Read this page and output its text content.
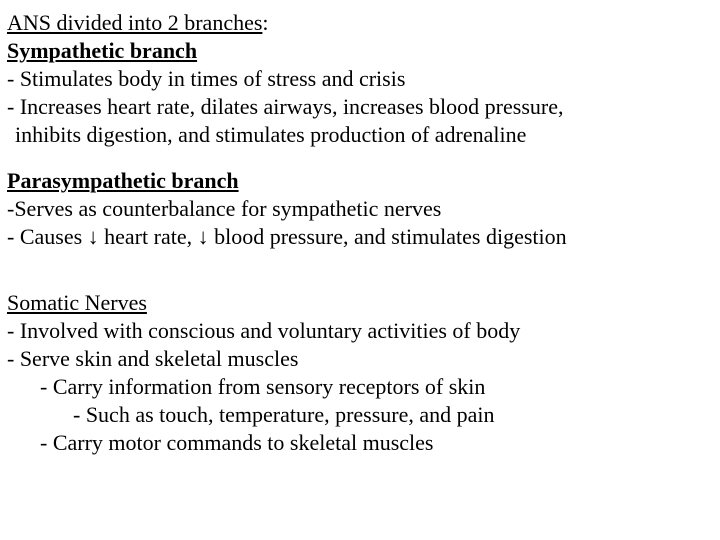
ANS divided into 2 branches:
Sympathetic branch
- Stimulates body in times of stress and crisis
- Increases heart rate, dilates airways, increases blood pressure,
inhibits digestion, and stimulates production of adrenaline
Parasympathetic branch
-Serves as counterbalance for sympathetic nerves
- Causes ↓ heart rate, ↓ blood pressure, and stimulates digestion
Somatic Nerves
- Involved with conscious and voluntary activities of body
- Serve skin and skeletal muscles
- Carry information from sensory receptors of skin
- Such as touch, temperature, pressure, and pain
- Carry motor commands to skeletal muscles
